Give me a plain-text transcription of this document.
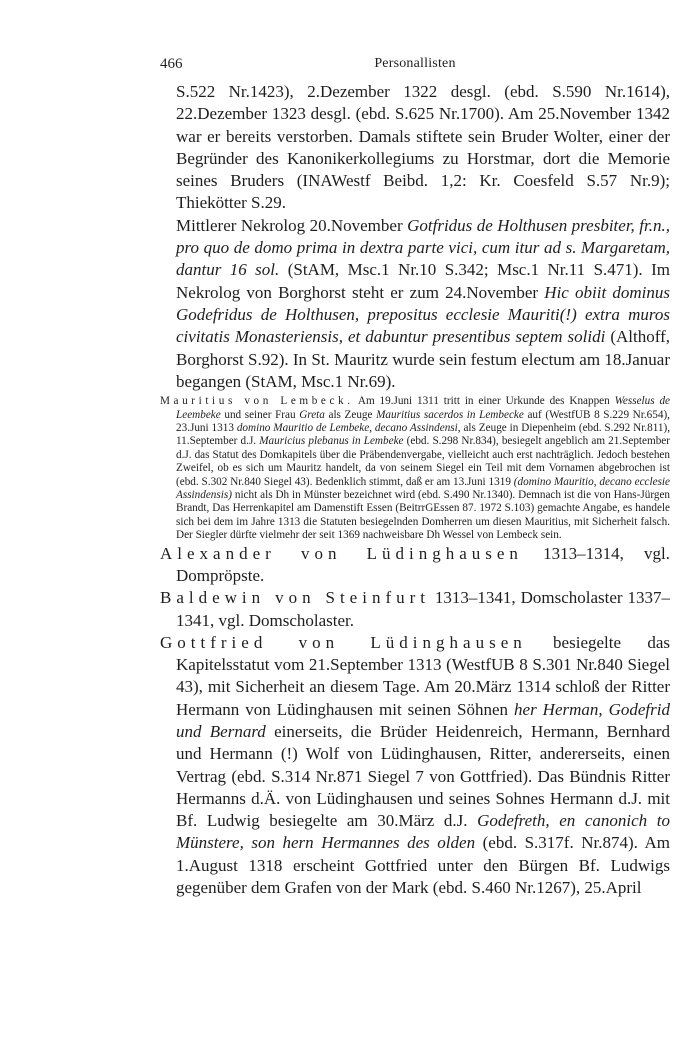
466	Personallisten

S.522 Nr.1423), 2.Dezember 1322 desgl. (ebd. S.590 Nr.1614), 22.Dezember 1323 desgl. (ebd. S.625 Nr.1700). Am 25.November 1342 war er bereits verstorben. Damals stiftete sein Bruder Wolter, einer der Begründer des Kanonikerkollegiums zu Horstmar, dort die Memorie seines Bruders (INAWestf Beibd. 1,2: Kr. Coesfeld S.57 Nr.9); Thiekötter S.29.

Mittlerer Nekrolog 20.November Gotfridus de Holthusen presbiter, fr.n., pro quo de domo prima in dextra parte vici, cum itur ad s. Margaretam, dantur 16 sol. (StAM, Msc.1 Nr.10 S.342; Msc.1 Nr.11 S.471). Im Nekrolog von Borghorst steht er zum 24.November Hic obiit dominus Godefridus de Holthusen, prepositus ecclesie Mauriti(!) extra muros civitatis Monasteriensis, et dabuntur presentibus septem solidi (Althoff, Borghorst S.92). In St. Mauritz wurde sein festum electum am 18.Januar begangen (StAM, Msc.1 Nr.69).

Mauritius von Lembeck. Am 19.Juni 1311 tritt in einer Urkunde des Knappen Wesselus de Leembeke und seiner Frau Greta als Zeuge Mauritius sacerdos in Lembecke auf (WestfUB 8 S.229 Nr.654), 23.Juni 1313 domino Mauritio de Lembeke, decano Assindensi, als Zeuge in Diepenheim (ebd. S.292 Nr.811), 11.September d.J. Mauricius plebanus in Lembeke (ebd. S.298 Nr.834), besiegelt angeblich am 21.September d.J. das Statut des Domkapitels über die Präbendenvergabe, vielleicht auch erst nachträglich. Jedoch bestehen Zweifel, ob es sich um Mauritz handelt, da von seinem Siegel ein Teil mit dem Vornamen abgebrochen ist (ebd. S.302 Nr.840 Siegel 43). Bedenklich stimmt, daß er am 13.Juni 1319 (domino Mauritio, decano ecclesie Assindensis) nicht als Dh in Münster bezeichnet wird (ebd. S.490 Nr.1340). Demnach ist die von Hans-Jürgen Brandt, Das Herrenkapitel am Damenstift Essen (BeitrrGEssen 87. 1972 S.103) gemachte Angabe, es handele sich bei dem im Jahre 1313 die Statuten besiegelnden Domherren um diesen Mauritius, mit Sicherheit falsch. Der Siegler dürfte vielmehr der seit 1369 nachweisbare Dh Wessel von Lembeck sein.

Alexander von Lüdinghausen 1313–1314, vgl. Dompröpste.

Baldewin von Steinfurt 1313–1341, Domscholaster 1337–1341, vgl. Domscholaster.

Gottfried von Lüdinghausen besiegelte das Kapitelsstatut vom 21.September 1313 (WestfUB 8 S.301 Nr.840 Siegel 43), mit Sicherheit an diesem Tage. Am 20.März 1314 schloß der Ritter Hermann von Lüdinghausen mit seinen Söhnen her Herman, Godefrid und Bernard einerseits, die Brüder Heidenreich, Hermann, Bernhard und Hermann (!) Wolf von Lüdinghausen, Ritter, andererseits, einen Vertrag (ebd. S.314 Nr.871 Siegel 7 von Gottfried). Das Bündnis Ritter Hermanns d.Ä. von Lüdinghausen und seines Sohnes Hermann d.J. mit Bf. Ludwig besiegelte am 30.März d.J. Godefreth, en canonich to Münstere, son hern Hermannes des olden (ebd. S.317f. Nr.874). Am 1.August 1318 erscheint Gottfried unter den Bürgen Bf. Ludwigs gegenüber dem Grafen von der Mark (ebd. S.460 Nr.1267), 25.April
